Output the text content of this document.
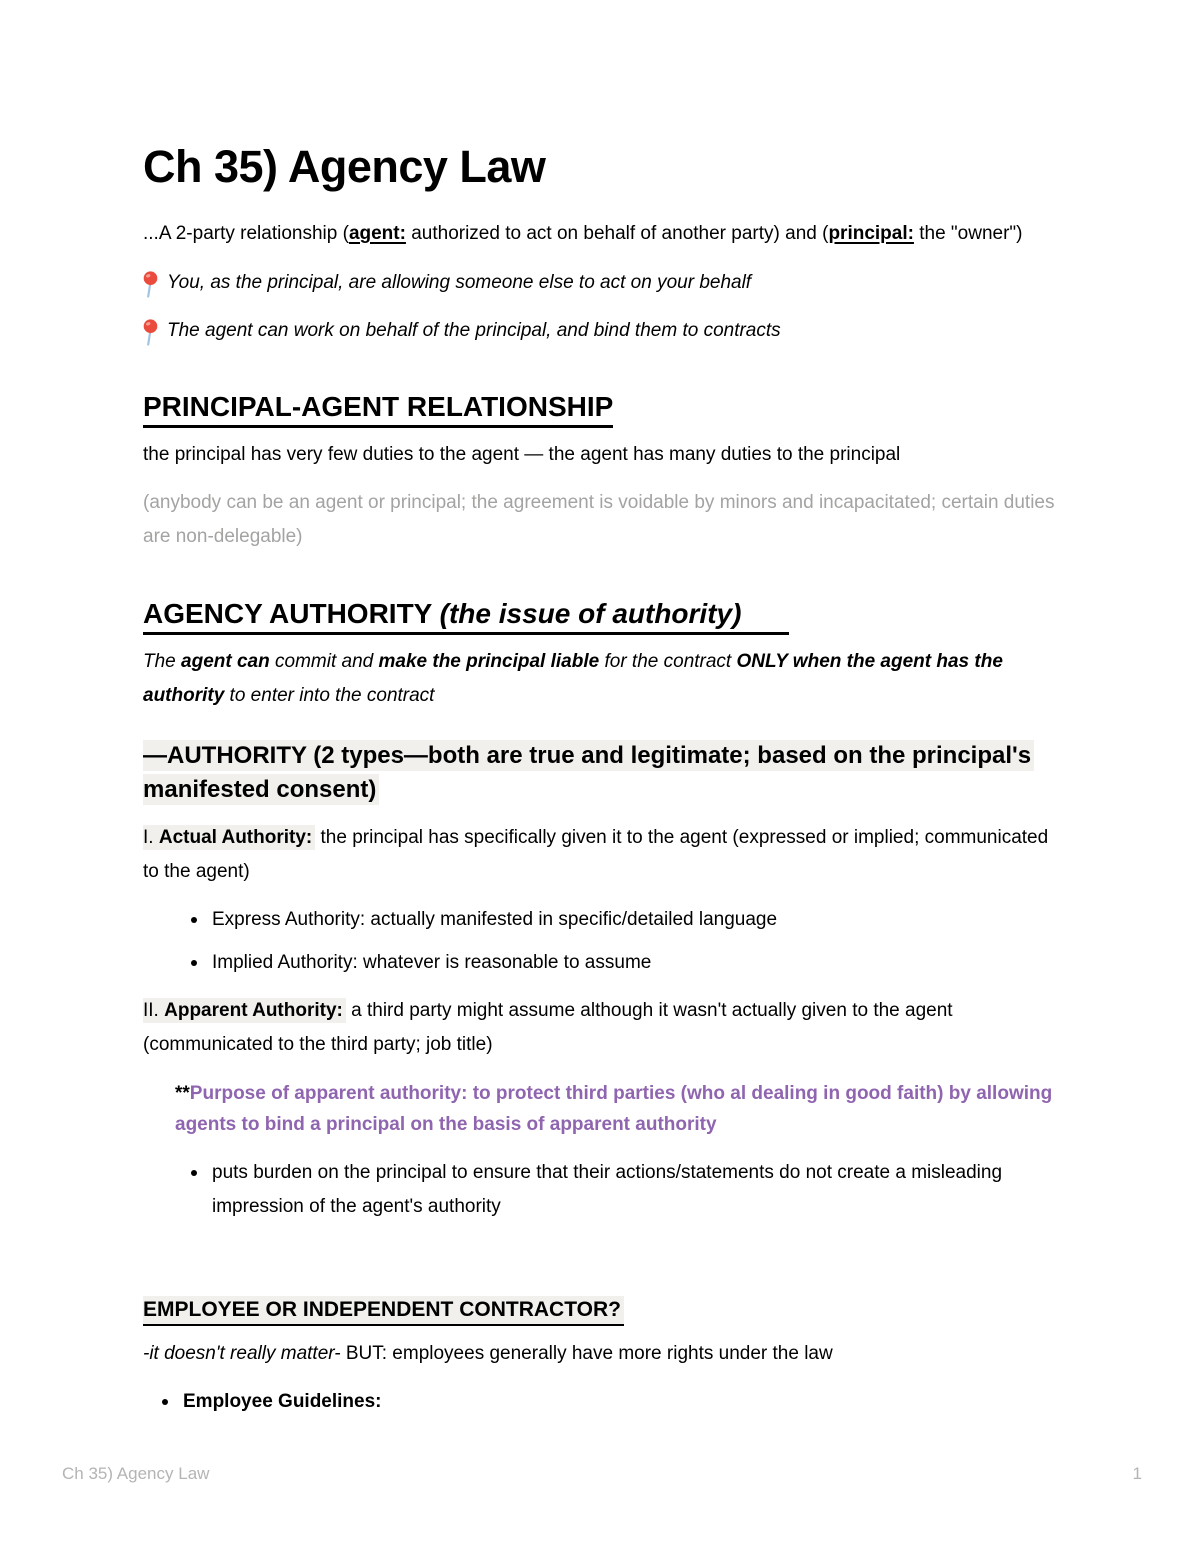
Ch 35) Agency Law

...A 2-party relationship (agent: authorized to act on behalf of another party) and (principal: the "owner")

You, as the principal, are allowing someone else to act on your behalf
The agent can work on behalf of the principal, and bind them to contracts
PRINCIPAL-AGENT RELATIONSHIP

the principal has very few duties to the agent — the agent has many duties to the principal

(anybody can be an agent or principal; the agreement is voidable by minors and incapacitated; certain duties are non-delegable)

AGENCY AUTHORITY (the issue of authority)

The agent can commit and make the principal liable for the contract ONLY when the agent has the authority to enter into the contract

—AUTHORITY (2 types—both are true and legitimate; based on the principal's manifested consent)

I. Actual Authority: the principal has specifically given it to the agent (expressed or implied; communicated to the agent)

Express Authority: actually manifested in specific/detailed language
Implied Authority: whatever is reasonable to assume

II. Apparent Authority: a third party might assume although it wasn't actually given to the agent (communicated to the third party; job title)

**Purpose of apparent authority: to protect third parties (who al dealing in good faith) by allowing agents to bind a principal on the basis of apparent authority

puts burden on the principal to ensure that their actions/statements do not create a misleading impression of the agent's authority
EMPLOYEE OR INDEPENDENT CONTRACTOR?

-it doesn't really matter- BUT: employees generally have more rights under the law

Employee Guidelines:
Ch 35) Agency Law	1
